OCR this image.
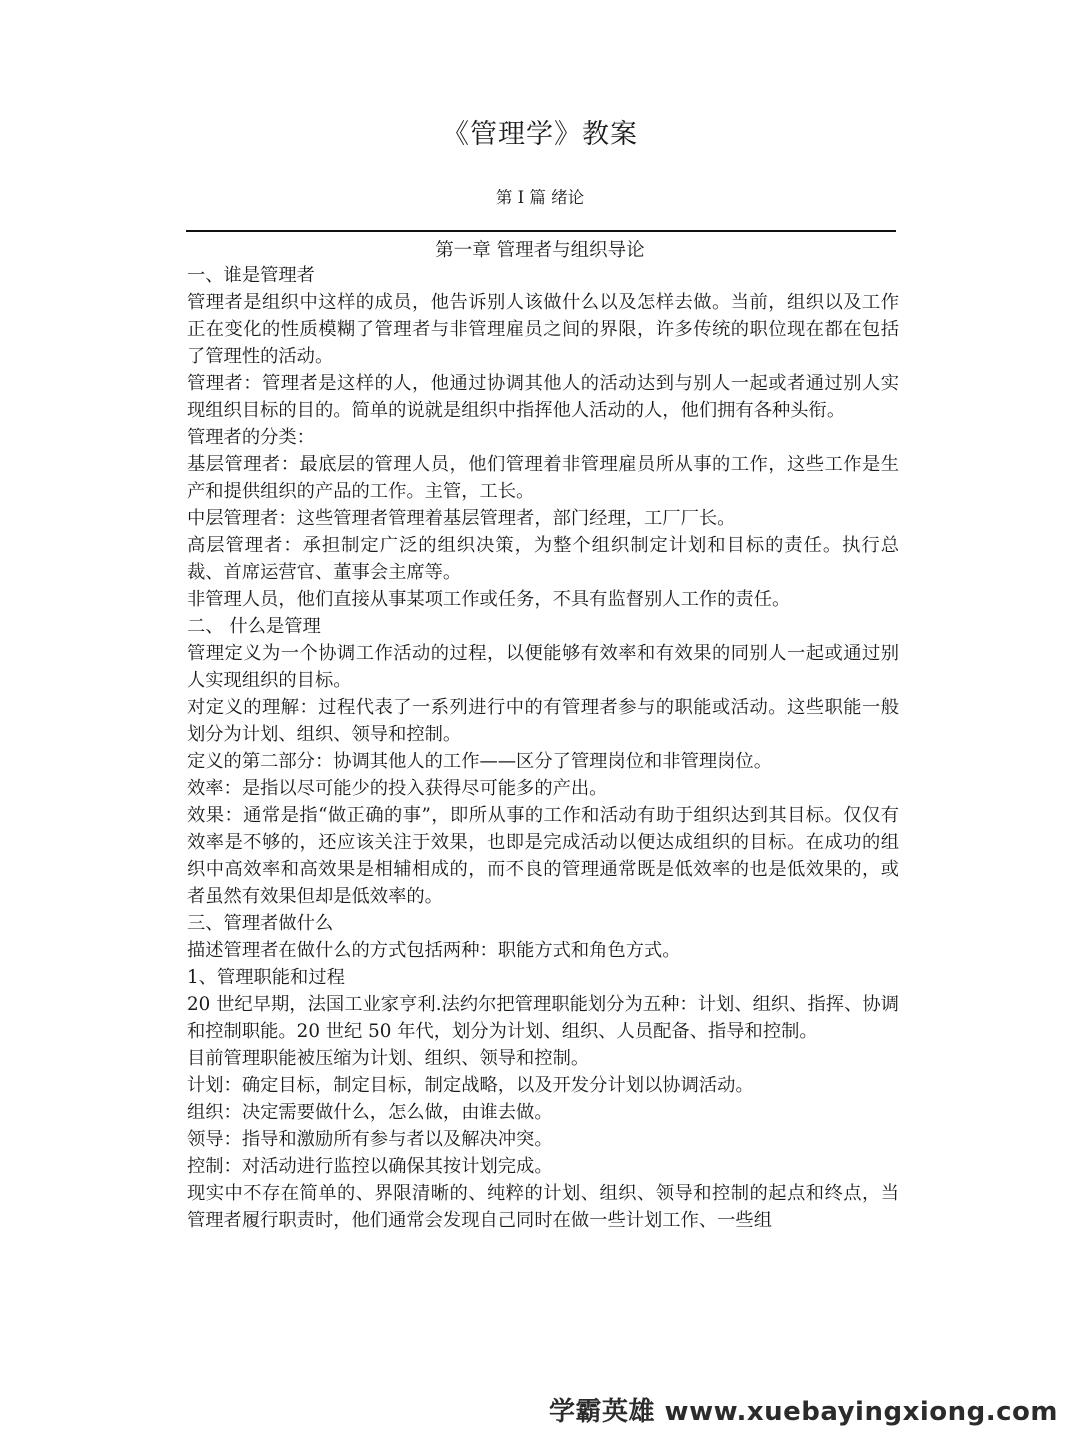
《管理学》教案
第 I 篇 绪论
第一章 管理者与组织导论

一、谁是管理者

管理者是组织中这样的成员，他告诉别人该做什么以及怎样去做。当前，组织以及工作正在变化的性质模糊了管理者与非管理雇员之间的界限，许多传统的职位现在都在包括了管理性的活动。

管理者：管理者是这样的人，他通过协调其他人的活动达到与别人一起或者通过别人实现组织目标的目的。简单的说就是组织中指挥他人活动的人，他们拥有各种头衔。

管理者的分类：

基层管理者：最底层的管理人员，他们管理着非管理雇员所从事的工作，这些工作是生产和提供组织的产品的工作。主管，工长。

中层管理者：这些管理者管理着基层管理者，部门经理，工厂厂长。

高层管理者：承担制定广泛的组织决策，为整个组织制定计划和目标的责任。执行总裁、首席运营官、董事会主席等。

非管理人员，他们直接从事某项工作或任务，不具有监督别人工作的责任。

二、 什么是管理

管理定义为一个协调工作活动的过程，以便能够有效率和有效果的同别人一起或通过别人实现组织的目标。

对定义的理解：过程代表了一系列进行中的有管理者参与的职能或活动。这些职能一般划分为计划、组织、领导和控制。

定义的第二部分：协调其他人的工作——区分了管理岗位和非管理岗位。

效率：是指以尽可能少的投入获得尽可能多的产出。

效果：通常是指“做正确的事”，即所从事的工作和活动有助于组织达到其目标。仅仅有效率是不够的，还应该关注于效果，也即是完成活动以便达成组织的目标。在成功的组织中高效率和高效果是相辅相成的，而不良的管理通常既是低效率的也是低效果的，或者虽然有效果但却是低效率的。

三、管理者做什么

描述管理者在做什么的方式包括两种：职能方式和角色方式。

1、管理职能和过程

20 世纪早期，法国工业家亨利.法约尔把管理职能划分为五种：计划、组织、指挥、协调和控制职能。20 世纪 50 年代，划分为计划、组织、人员配备、指导和控制。

目前管理职能被压缩为计划、组织、领导和控制。

计划：确定目标，制定目标，制定战略，以及开发分计划以协调活动。

组织：决定需要做什么，怎么做，由谁去做。

领导：指导和激励所有参与者以及解决冲突。

控制：对活动进行监控以确保其按计划完成。

现实中不存在简单的、界限清晰的、纯粹的计划、组织、领导和控制的起点和终点，当管理者履行职责时，他们通常会发现自己同时在做一些计划工作、一些组

学霸英雄 www.xuebayingxiong.com
